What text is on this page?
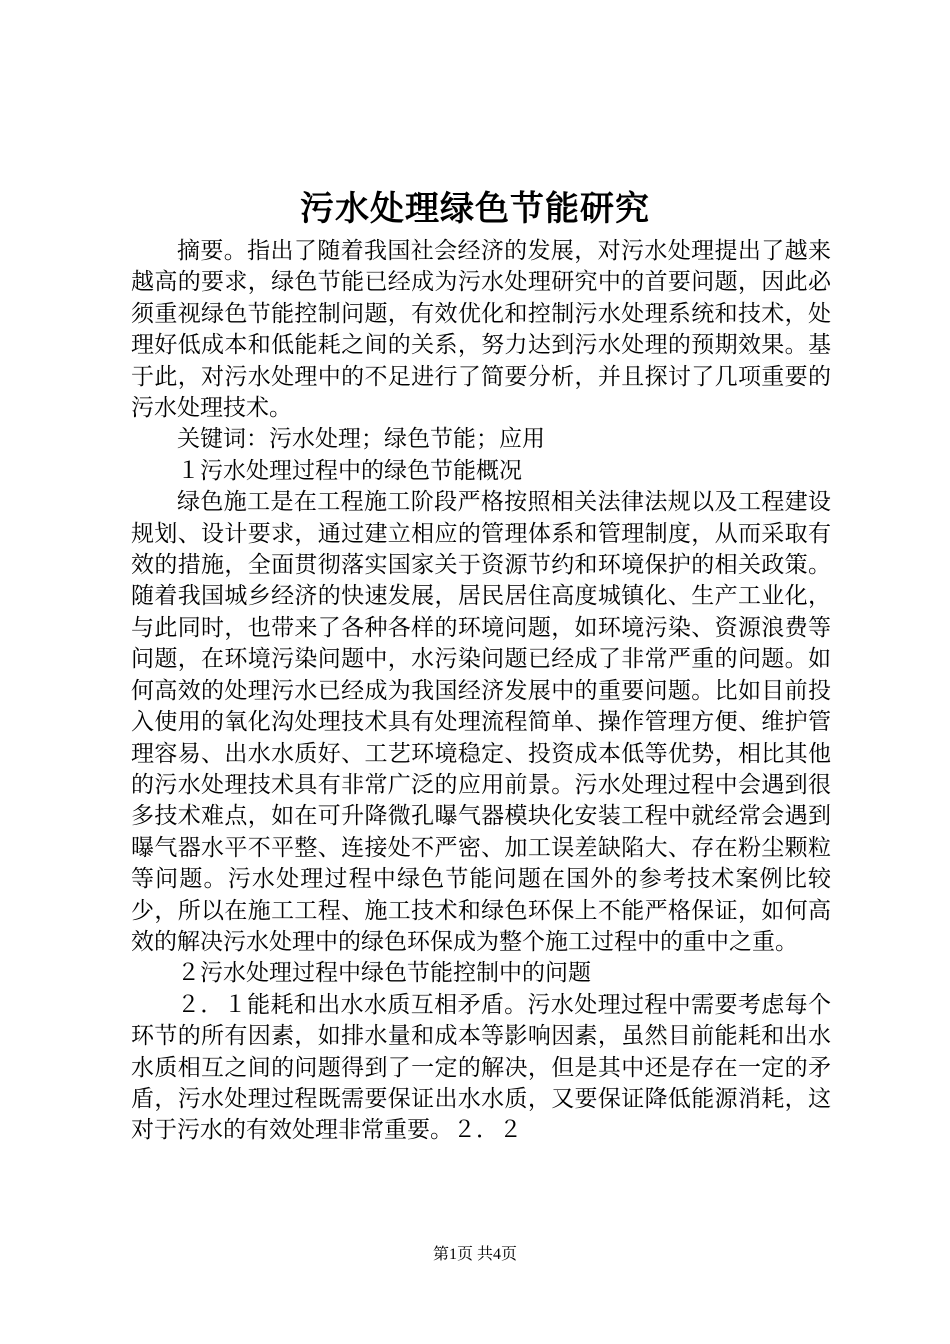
污水处理绿色节能研究

摘要。指出了随着我国社会经济的发展，对污水处理提出了越来越高的要求，绿色节能已经成为污水处理研究中的首要问题，因此必须重视绿色节能控制问题，有效优化和控制污水处理系统和技术，处理好低成本和低能耗之间的关系，努力达到污水处理的预期效果。基于此，对污水处理中的不足进行了简要分析，并且探讨了几项重要的污水处理技术。

关键词：污水处理；绿色节能；应用

１污水处理过程中的绿色节能概况

绿色施工是在工程施工阶段严格按照相关法律法规以及工程建设规划、设计要求，通过建立相应的管理体系和管理制度，从而采取有效的措施，全面贯彻落实国家关于资源节约和环境保护的相关政策。随着我国城乡经济的快速发展，居民居住高度城镇化、生产工业化，与此同时，也带来了各种各样的环境问题，如环境污染、资源浪费等问题，在环境污染问题中，水污染问题已经成了非常严重的问题。如何高效的处理污水已经成为我国经济发展中的重要问题。比如目前投入使用的氧化沟处理技术具有处理流程简单、操作管理方便、维护管理容易、出水水质好、工艺环境稳定、投资成本低等优势，相比其他的污水处理技术具有非常广泛的应用前景。污水处理过程中会遇到很多技术难点，如在可升降微孔曝气器模块化安装工程中就经常会遇到曝气器水平不平整、连接处不严密、加工误差缺陷大、存在粉尘颗粒等问题。污水处理过程中绿色节能问题在国外的参考技术案例比较少，所以在施工工程、施工技术和绿色环保上不能严格保证，如何高效的解决污水处理中的绿色环保成为整个施工过程中的重中之重。

２污水处理过程中绿色节能控制中的问题

２．１能耗和出水水质互相矛盾。污水处理过程中需要考虑每个环节的所有因素，如排水量和成本等影响因素，虽然目前能耗和出水水质相互之间的问题得到了一定的解决，但是其中还是存在一定的矛盾，污水处理过程既需要保证出水水质，又要保证降低能源消耗，这对于污水的有效处理非常重要。２．２

第1页 共4页
